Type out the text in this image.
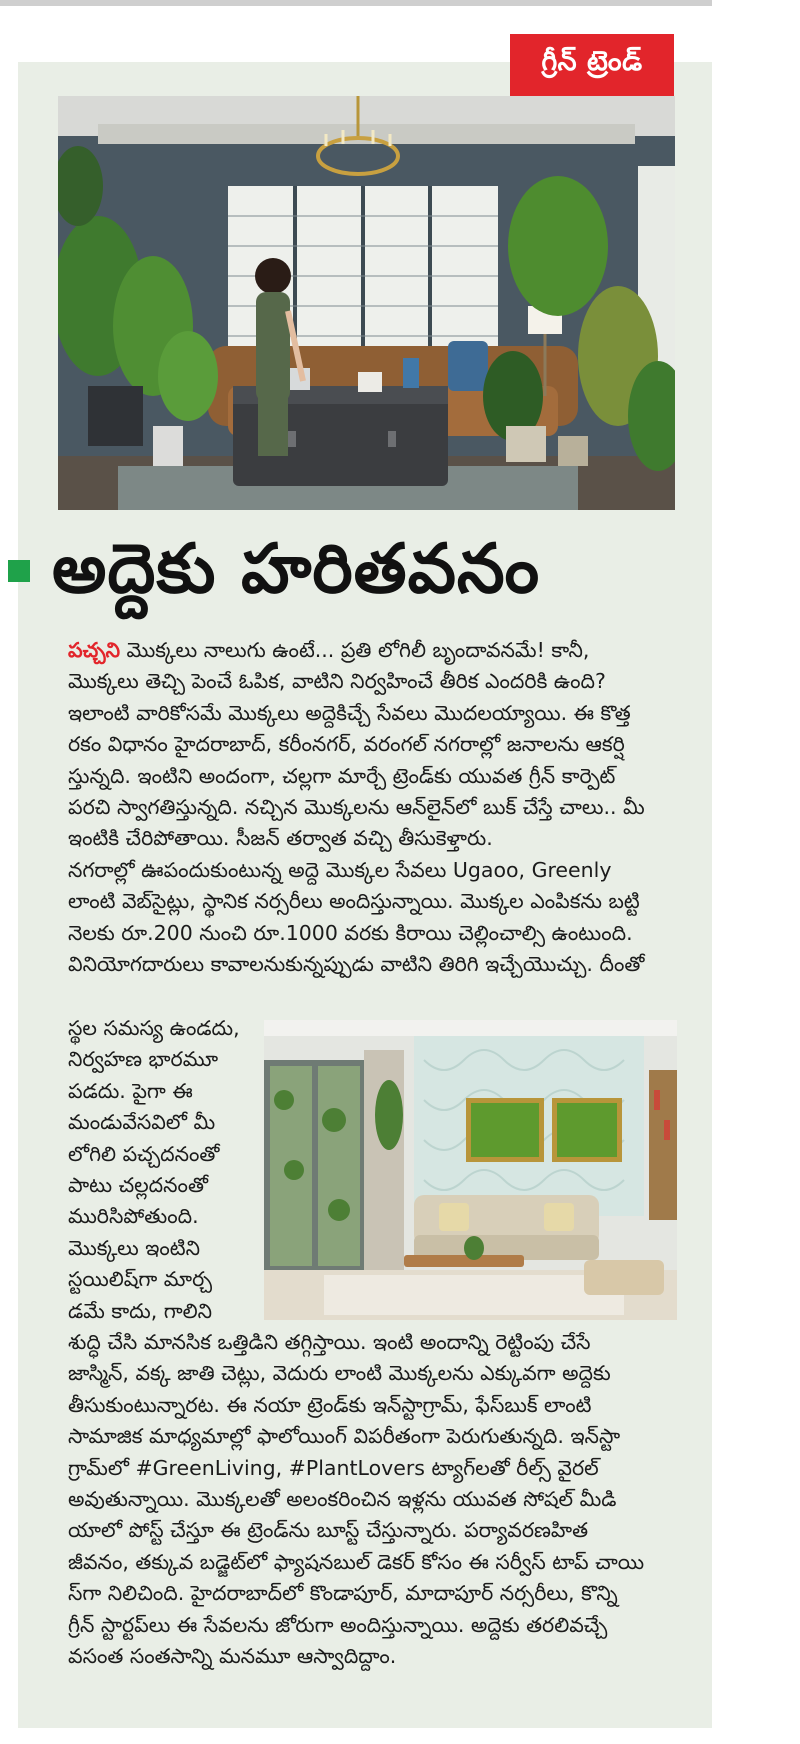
గ్రీన్ ట్రెండ్
అద్దెకు హరితవనం
పచ్చని మొక్కలు నాలుగు ఉంటే... ప్రతి లోగిలీ బృందావనమే! కానీ,
మొక్కలు తెచ్చి పెంచే ఓపిక, వాటిని నిర్వహించే తీరిక ఎందరికి ఉంది?
ఇలాంటి వారికోసమే మొక్కలు అద్దెకిచ్చే సేవలు మొదలయ్యాయి. ఈ కొత్త
రకం విధానం హైదరాబాద్, కరీంనగర్, వరంగల్ నగరాల్లో జనాలను ఆకర్షి
స్తున్నది. ఇంటిని అందంగా, చల్లగా మార్చే ట్రెండ్‌కు యువత గ్రీన్ కార్పెట్
పరచి స్వాగతిస్తున్నది. నచ్చిన మొక్కలను ఆన్‌లైన్‌లో బుక్ చేస్తే చాలు.. మీ
ఇంటికి చేరిపోతాయి. సీజన్ తర్వాత వచ్చి తీసుకెళ్తారు.
నగరాల్లో ఊపందుకుంటున్న అద్దె మొక్కల సేవలు Ugaoo, Greenly
లాంటి వెబ్‌సైట్లు, స్థానిక నర్సరీలు అందిస్తున్నాయి. మొక్కల ఎంపికను బట్టి
నెలకు రూ.200 నుంచి రూ.1000 వరకు కిరాయి చెల్లించాల్సి ఉంటుంది.
వినియోగదారులు కావాలనుకున్నప్పుడు వాటిని తిరిగి ఇచ్చేయొచ్చు. దీంతో
స్థల సమస్య ఉండదు,
నిర్వహణ భారమూ
పడదు. పైగా ఈ
మండువేసవిలో మీ
లోగిలి పచ్చదనంతో
పాటు చల్లదనంతో
మురిసిపోతుంది.
మొక్కలు ఇంటిని
స్టయిలిష్‌గా మార్చ
డమే కాదు, గాలిని
శుద్ధి చేసి మానసిక ఒత్తిడిని తగ్గిస్తాయి. ఇంటి అందాన్ని రెట్టింపు చేసే
జాస్మిన్, వక్క జాతి చెట్లు, వెదురు లాంటి మొక్కలను ఎక్కువగా అద్దెకు
తీసుకుంటున్నారట. ఈ నయా ట్రెండ్‌కు ఇన్‌స్టాగ్రామ్, ఫేస్‌బుక్ లాంటి
సామాజిక మాధ్యమాల్లో ఫాలోయింగ్ విపరీతంగా పెరుగుతున్నది. ఇన్‌స్టా
గ్రామ్‌లో #GreenLiving, #PlantLovers ట్యాగ్‌లతో రీల్స్ వైరల్
అవుతున్నాయి. మొక్కలతో అలంకరించిన ఇళ్లను యువత సోషల్ మీడి
యాలో పోస్ట్ చేస్తూ ఈ ట్రెండ్‌ను బూస్ట్ చేస్తున్నారు. పర్యావరణహిత
జీవనం, తక్కువ బడ్జెట్‌లో ఫ్యాషనబుల్ డెకర్ కోసం ఈ సర్వీస్ టాప్ చాయి
స్‌గా నిలిచింది. హైదరాబాద్‌లో కొండాపూర్, మాదాపూర్ నర్సరీలు, కొన్ని
గ్రీన్ స్టార్టప్‌లు ఈ సేవలను జోరుగా అందిస్తున్నాయి. అద్దెకు తరలివచ్చే
వసంత సంతసాన్ని మనమూ ఆస్వాదిద్దాం.
